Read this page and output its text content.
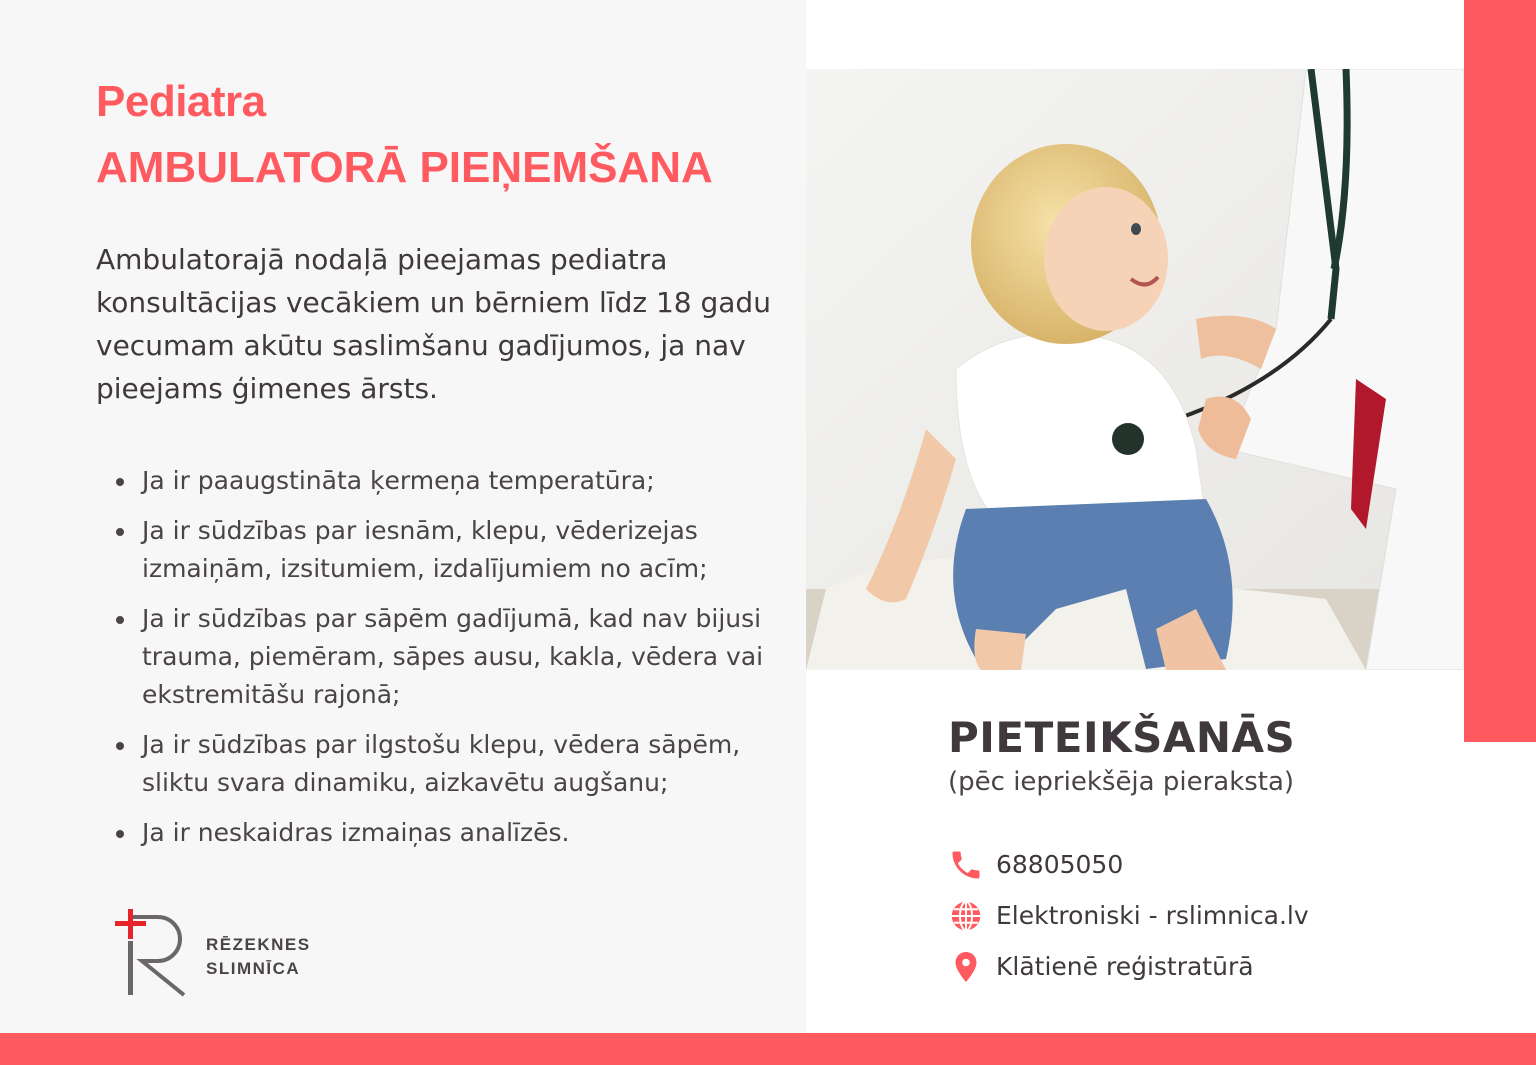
Pediatra
AMBULATORĀ PIEŅEMŠANA

Ambulatorajā nodaļā pieejamas pediatra konsultācijas vecākiem un bērniem līdz 18 gadu vecumam akūtu saslimšanu gadījumos, ja nav pieejams ģimenes ārsts.

Ja ir paaugstināta ķermeņa temperatūra;
Ja ir sūdzības par iesnām, klepu, vēderizejas izmaiņām, izsitumiem, izdalījumiem no acīm;
Ja ir sūdzības par sāpēm gadījumā, kad nav bijusi trauma, piemēram, sāpes ausu, kakla, vēdera vai ekstremitāšu rajonā;
Ja ir sūdzības par ilgstošu klepu, vēdera sāpēm, sliktu svara dinamiku, aizkavētu augšanu;
Ja ir neskaidras izmaiņas analīzēs.
RĒZEKNES
SLIMNĪCA
PIETEIKŠANĀS

(pēc iepriekšēja pieraksta)

68805050
Elektroniski - rslimnica.lv
Klātienē reģistratūrā
